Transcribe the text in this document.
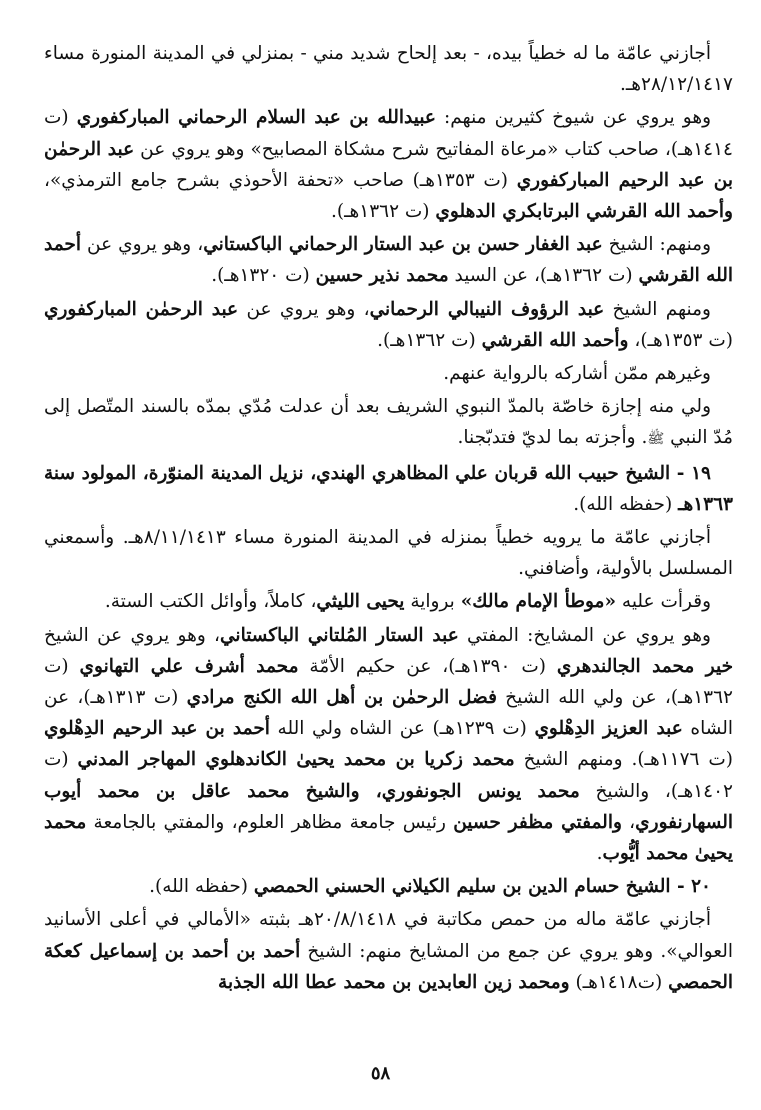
أجازني عامّة ما له خطياً بيده، - بعد إلحاح شديد مني - بمنزلي في المدينة المنورة مساء ٢٨/١٢/١٤١٧هـ.

وهو يروي عن شيوخ كثيرين منهم: عبيدالله بن عبد السلام الرحماني المباركفوري (ت ١٤١٤هـ)، صاحب كتاب «مرعاة المفاتيح شرح مشكاة المصابيح» وهو يروي عن عبد الرحمٰن بن عبد الرحيم المباركفوري (ت ١٣٥٣هـ) صاحب «تحفة الأحوذي بشرح جامع الترمذي»، وأحمد الله القرشي البرتابكري الدهلوي (ت ١٣٦٢هـ).

ومنهم: الشيخ عبد الغفار حسن بن عبد الستار الرحماني الباكستاني، وهو يروي عن أحمد الله القرشي (ت ١٣٦٢هـ)، عن السيد محمد نذير حسين (ت ١٣٢٠هـ).

ومنهم الشيخ عبد الرؤوف النيبالي الرحماني، وهو يروي عن عبد الرحمٰن المباركفوري (ت ١٣٥٣هـ)، وأحمد الله القرشي (ت ١٣٦٢هـ).

وغيرهم ممّن أشاركه بالرواية عنهم.

ولي منه إجازة خاصّة بالمدّ النبوي الشريف بعد أن عدلت مُدّي بمدّه بالسند المتّصل إلى مُدّ النبي ﷺ. وأجزته بما لديّ فتدبّجنا.

١٩ - الشيخ حبيب الله قربان علي المظاهري الهندي، نزيل المدينة المنوّرة، المولود سنة ١٣٦٣هـ (حفظه الله).

أجازني عامّة ما يرويه خطياً بمنزله في المدينة المنورة مساء ٨/١١/١٤١٣هـ. وأسمعني المسلسل بالأولية، وأضافني.

وقرأت عليه «موطأ الإمام مالك» برواية يحيى الليثي، كاملاً، وأوائل الكتب الستة.

وهو يروي عن المشايخ: المفتي عبد الستار المُلتاني الباكستاني، وهو يروي عن الشيخ خير محمد الجالندهري (ت ١٣٩٠هـ)، عن حكيم الأمّة محمد أشرف علي التهانوي (ت ١٣٦٢هـ)، عن ولي الله الشيخ فضل الرحمٰن بن أهل الله الكنج مرادي (ت ١٣١٣هـ)، عن الشاه عبد العزيز الدِهْلوي (ت ١٢٣٩هـ) عن الشاه ولي الله أحمد بن عبد الرحيم الدِهْلوي (ت ١١٧٦هـ). ومنهم الشيخ محمد زكريا بن محمد يحيىٰ الكاندهلوي المهاجر المدني (ت ١٤٠٢هـ)، والشيخ محمد يونس الجونفوري، والشيخ محمد عاقل بن محمد أيوب السهارنفوري، والمفتي مظفر حسين رئيس جامعة مظاهر العلوم، والمفتي بالجامعة محمد يحيىٰ محمد أيُّوب.

٢٠ - الشيخ حسام الدين بن سليم الكيلاني الحسني الحمصي (حفظه الله).

أجازني عامّة ماله من حمص مكاتبة في ٢٠/٨/١٤١٨هـ بثبته «الأمالي في أعلى الأسانيد العوالي». وهو يروي عن جمع من المشايخ منهم: الشيخ أحمد بن أحمد بن إسماعيل كعكة الحمصي (ت١٤١٨هـ) ومحمد زين العابدين بن محمد عطا الله الجذبة

٥٨
